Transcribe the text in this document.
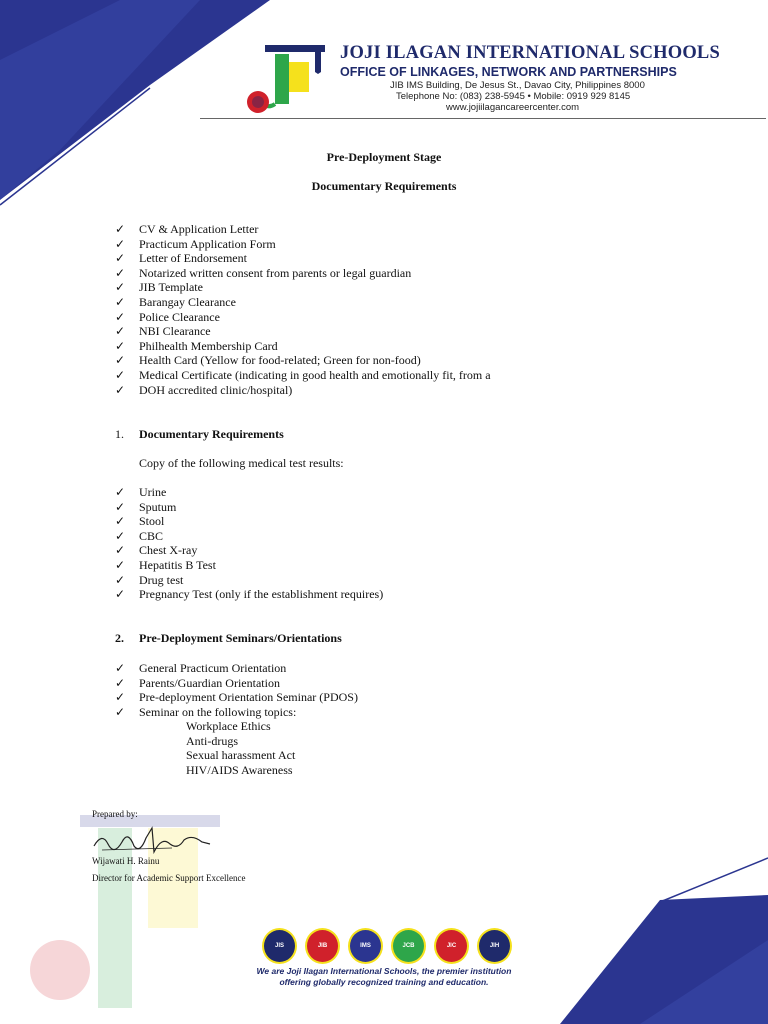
JOJI ILAGAN INTERNATIONAL SCHOOLS
OFFICE OF LINKAGES, NETWORK AND PARTNERSHIPS
JIB IMS Building, De Jesus St., Davao City, Philippines 8000
Telephone No: (083) 238-5945 • Mobile: 0919 929 8145
www.jojiilagancareercenter.com
Pre-Deployment Stage
Documentary Requirements
✓	CV & Application Letter
✓	Practicum Application Form
✓	Letter of Endorsement
✓	Notarized written consent from parents or legal guardian
✓	JIB Template
✓	Barangay Clearance
✓	Police Clearance
✓	NBI Clearance
✓	Philhealth Membership Card
✓	Health Card (Yellow for food-related; Green for non-food)
✓	Medical Certificate (indicating in good health and emotionally fit, from a
✓	DOH accredited clinic/hospital)
1. Documentary Requirements
Copy of the following medical test results:
✓	Urine
✓	Sputum
✓	Stool
✓	CBC
✓	Chest X-ray
✓	Hepatitis B Test
✓	Drug test
✓	Pregnancy Test (only if the establishment requires)
2. Pre-Deployment Seminars/Orientations
✓	General Practicum Orientation
✓	Parents/Guardian Orientation
✓	Pre-deployment Orientation Seminar (PDOS)
✓	Seminar on the following topics:
Workplace Ethics
Anti-drugs
Sexual harassment Act
HIV/AIDS Awareness
Prepared by:
Wijawati H. Rainu
Director for Academic Support Excellence
JIS	JIB	IMS	JCB	JIC	JIH
We are Joji Ilagan International Schools, the premier institution
offering globally recognized training and education.
